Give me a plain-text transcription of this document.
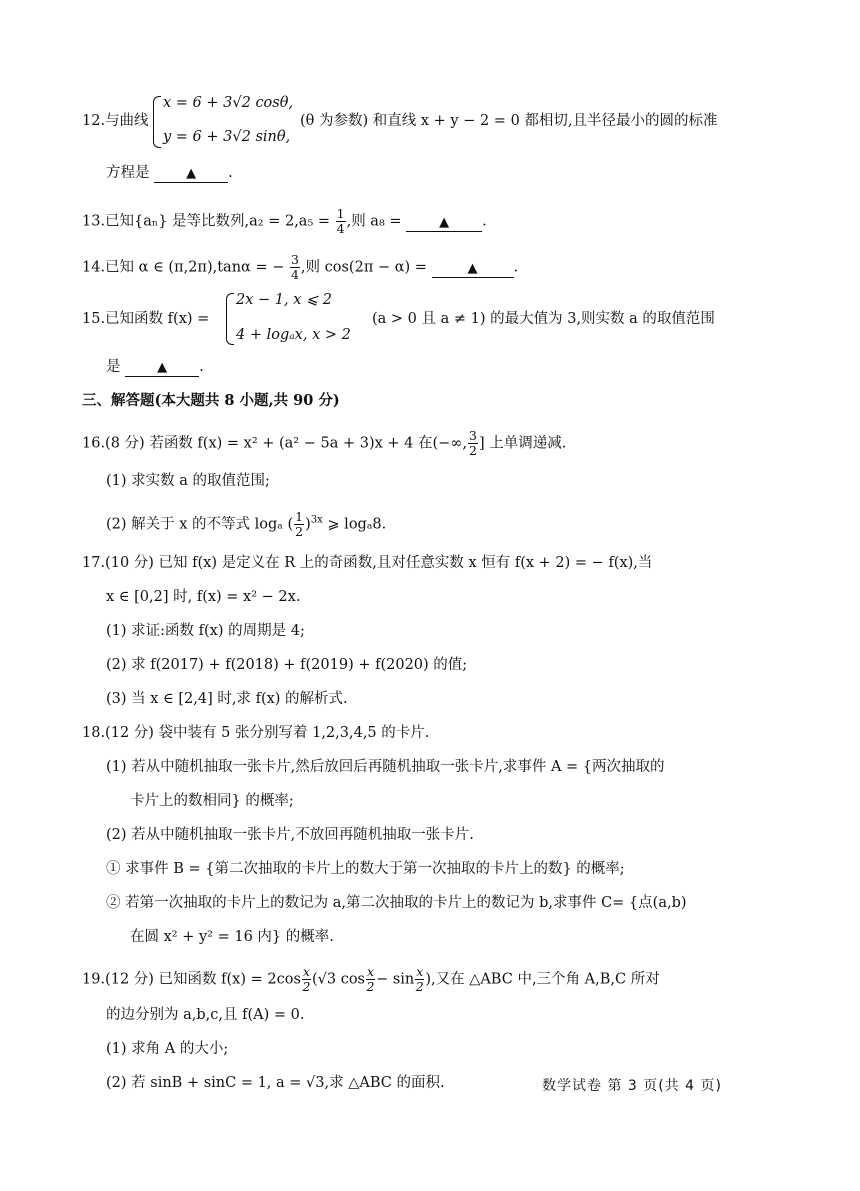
12.与曲线
x = 6 + 3√2 cosθ,
y = 6 + 3√2 sinθ,
(θ 为参数) 和直线 x + y − 2 = 0 都相切,且半径最小的圆的标准
方程是	▲ .
13.已知{aₙ} 是等比数列$,a_2 = 2,a_5 = \frac{1}{4}$ ,则 a₈ =	▲ .
14.已知 α ∈ (π,2π),tanα = − $\frac{3}{4}$ ,则 cos(2π − α) =	▲ .
15.已知函数 f(x) =
2x − 1, x ⩽ 2
4 + logₐx, x > 2
(a > 0 且 a ≠ 1) 的最大值为 3,则实数 a 的取值范围
是	▲ .
三、解答题(本大题共 8 小题,共 90 分)
16.(8 分) 若函数 f(x) = x² + (a² − 5a + 3)x + 4 在(−∞, $\frac{3}{2}$ ] 上单调递减.
(1) 求实数 a 的取值范围;
(2) 解关于 x 的不等式 logₐ ( $\frac{1}{2} )^{3x}$ ⩾ logₐ8.
17.(10 分) 已知 f(x) 是定义在 R 上的奇函数,且对任意实数 x 恒有 f(x + 2) = − f(x),当
x ∈ [0,2] 时, f(x) = x² − 2x.
(1) 求证:函数 f(x) 的周期是 4;
(2) 求 f(2017) + f(2018) + f(2019) + f(2020) 的值;
(3) 当 x ∈ [2,4] 时,求 f(x) 的解析式.
18.(12 分) 袋中装有 5 张分别写着 1,2,3,4,5 的卡片.
(1) 若从中随机抽取一张卡片,然后放回后再随机抽取一张卡片,求事件 A = {两次抽取的
卡片上的数相同} 的概率;
(2) 若从中随机抽取一张卡片,不放回再随机抽取一张卡片.
① 求事件 B = {第二次抽取的卡片上的数大于第一次抽取的卡片上的数} 的概率;
② 若第一次抽取的卡片上的数记为 a,第二次抽取的卡片上的数记为 b,求事件 C= {点(a,b)
在圆 x² + y² = 16 内} 的概率.
19.(12 分) 已知函数 $f(x) = 2\cos \frac{x}{2} (√3$ $\cos \frac{x}{2} - \sin \frac{x}{2}$ ),又在 △ABC 中,三个角 A,B,C 所对
的边分别为 a,b,c,且 f(A) = 0.
(1) 求角 A 的大小;
(2) 若 sinB + sinC = 1, a = √3,求 △ABC 的面积.	数学试卷 第 3 页(共 4 页)
